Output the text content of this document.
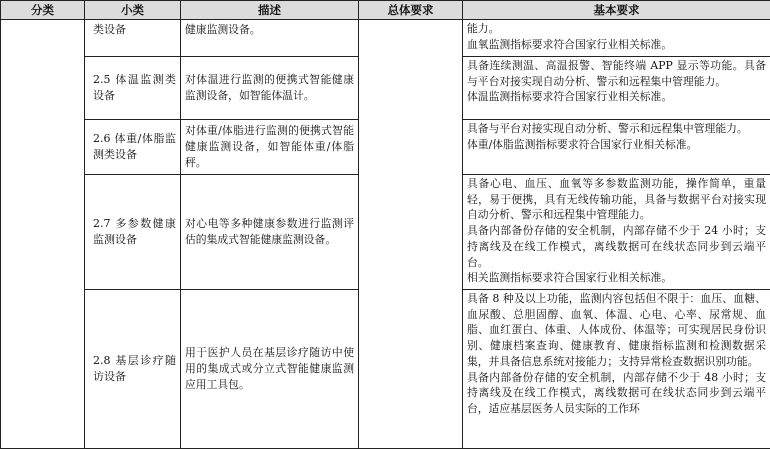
分类	小类	描述	总体要求	基本要求
	类设备	健康监测设备。		能力。

血氧监测指标要求符合国家行业相关标准。

	2.5 体温监测类设备	对体温进行监测的便携式智能健康监测设备，如智能体温计。		具备连续测温、高温报警、智能终端 APP 显示等功能。具备与平台对接实现自动分析、警示和远程集中管理能力。

体温监测指标要求符合国家行业相关标准。

	2.6 体重/体脂监测类设备	对体重/体脂进行监测的便携式智能健康监测设备，如智能体重/体脂秤。		具备与平台对接实现自动分析、警示和远程集中管理能力。

体重/体脂监测指标要求符合国家行业相关标准。

	2.7 多参数健康监测设备	对心电等多种健康参数进行监测评估的集成式智能健康监测设备。		具备心电、血压、血氧等多参数监测功能，操作简单，重量轻，易于便携，具有无线传输功能，具备与数据平台对接实现自动分析、警示和远程集中管理能力。

具备内部备份存储的安全机制，内部存储不少于 24 小时；支持离线及在线工作模式，离线数据可在线状态同步到云端平台。

相关监测指标要求符合国家行业相关标准。

	2.8 基层诊疗随访设备	用于医护人员在基层诊疗随访中使用的集成式或分立式智能健康监测应用工具包。		具备 8 种及以上功能，监测内容包括但不限于：血压、血糖、血尿酸、总胆固醇、血氧、体温、心电、心率、尿常规、血脂、血红蛋白、体重、人体成份、体温等；可实现居民身份识别、健康档案查询、健康教育、健康指标监测和检测数据采集，并具备信息系统对接能力；支持异常检查数据识别功能。

具备内部备份存储的安全机制，内部存储不少于 48 小时；支持离线及在线工作模式，离线数据可在线状态同步到云端平台，适应基层医务人员实际的工作环
